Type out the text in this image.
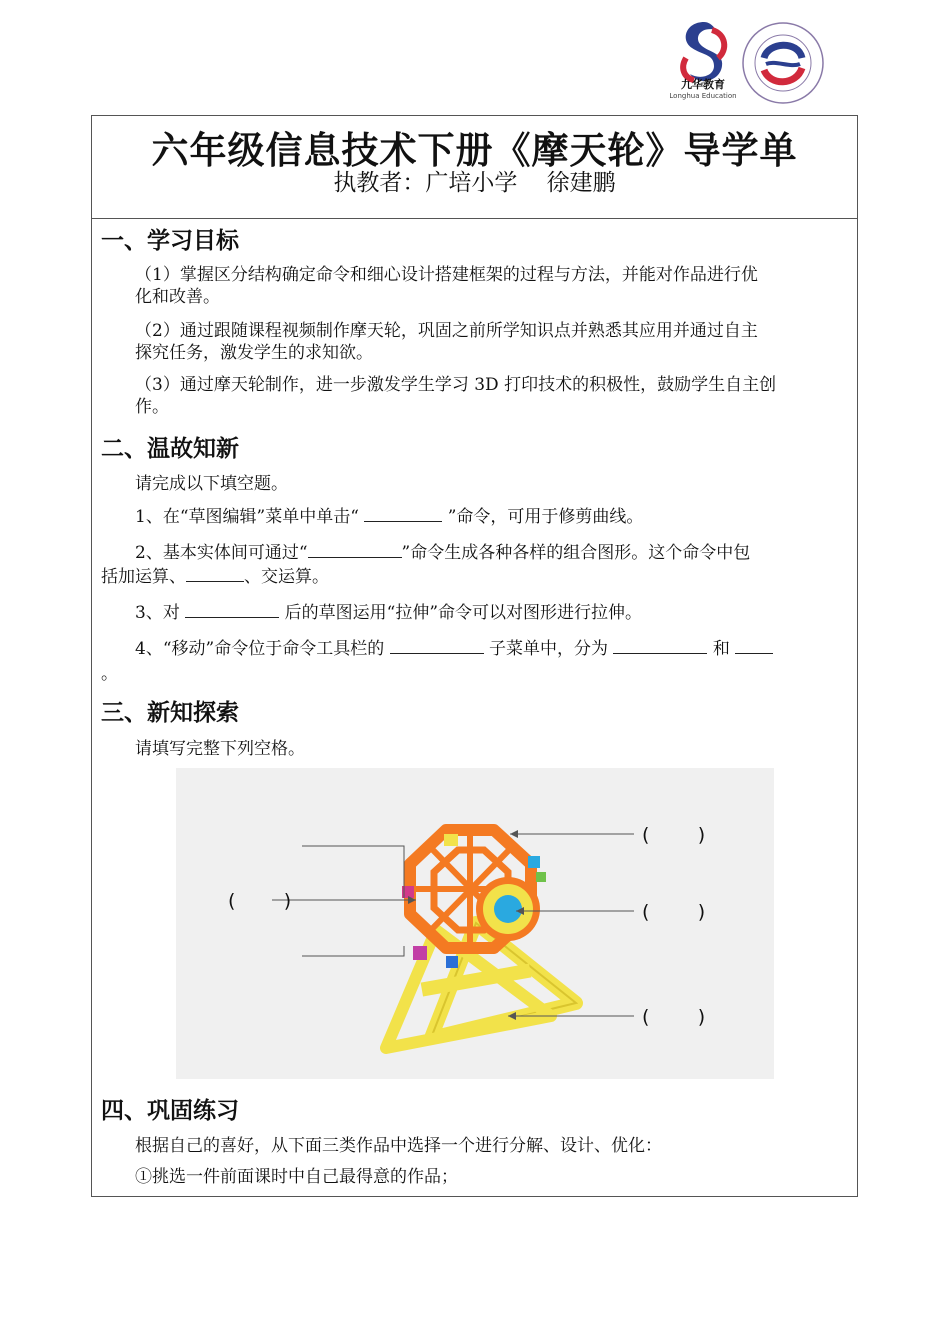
九华教育
Longhua Education
六年级信息技术下册《摩天轮》导学单
执教者：广培小学    徐建鹏
一、学习目标
（1）掌握区分结构确定命令和细心设计搭建框架的过程与方法，并能对作品进行优
化和改善。
（2）通过跟随课程视频制作摩天轮，巩固之前所学知识点并熟悉其应用并通过自主
探究任务，激发学生的求知欲。
（3）通过摩天轮制作，进一步激发学生学习 3D 打印技术的积极性，鼓励学生自主创
作。
二、温故知新
请完成以下填空题。
1、在“草图编辑”菜单中单击“	”命令，可用于修剪曲线。
2、基本实体间可通过“	”命令生成各种各样的组合图形。这个命令中包
括加运算、	、交运算。
3、对	后的草图运用“拉伸”命令可以对图形进行拉伸。
4、“移动”命令位于命令工具栏的	子菜单中，分为	和
。
三、新知探索
请填写完整下列空格。
(        )
(        )
(        )
(        )
四、巩固练习
根据自己的喜好，从下面三类作品中选择一个进行分解、设计、优化：
①挑选一件前面课时中自己最得意的作品；
